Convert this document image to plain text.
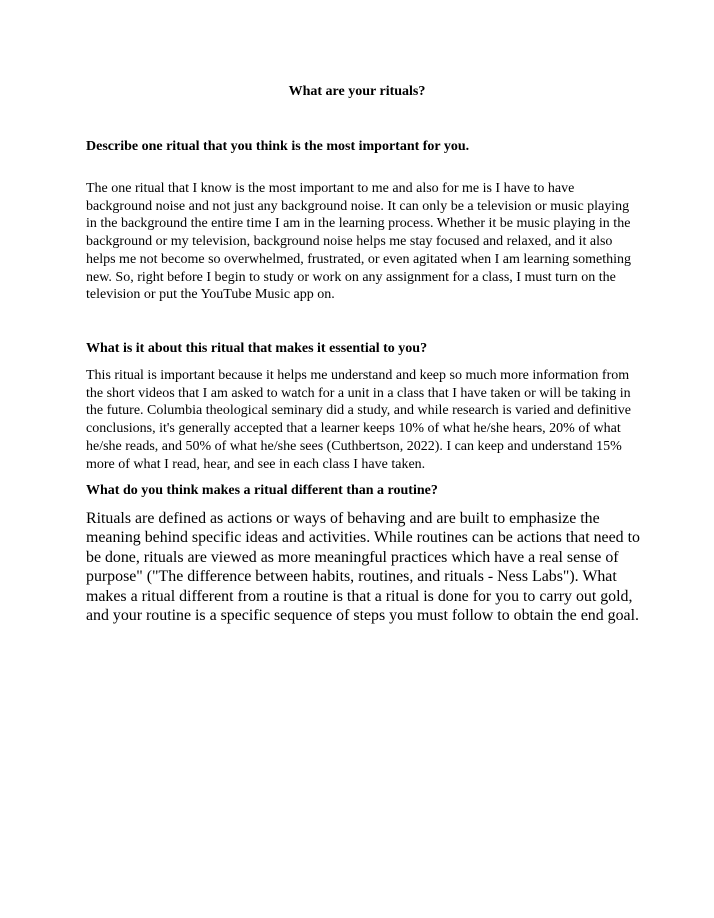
What are your rituals?

Describe one ritual that you think is the most important for you.

The one ritual that I know is the most important to me and also for me is I have to have background noise and not just any background noise. It can only be a television or music playing in the background the entire time I am in the learning process. Whether it be music playing in the background or my television, background noise helps me stay focused and relaxed, and it also helps me not become so overwhelmed, frustrated, or even agitated when I am learning something new. So, right before I begin to study or work on any assignment for a class, I must turn on the television or put the YouTube Music app on.

What is it about this ritual that makes it essential to you?

This ritual is important because it helps me understand and keep so much more information from the short videos that I am asked to watch for a unit in a class that I have taken or will be taking in the future. Columbia theological seminary did a study, and while research is varied and definitive conclusions, it's generally accepted that a learner keeps 10% of what he/she hears, 20% of what he/she reads, and 50% of what he/she sees (Cuthbertson, 2022). I can keep and understand 15% more of what I read, hear, and see in each class I have taken.

What do you think makes a ritual different than a routine?

Rituals are defined as actions or ways of behaving and are built to emphasize the meaning behind specific ideas and activities. While routines can be actions that need to be done, rituals are viewed as more meaningful practices which have a real sense of purpose" ("The difference between habits, routines, and rituals - Ness Labs"). What makes a ritual different from a routine is that a ritual is done for you to carry out gold, and your routine is a specific sequence of steps you must follow to obtain the end goal.
